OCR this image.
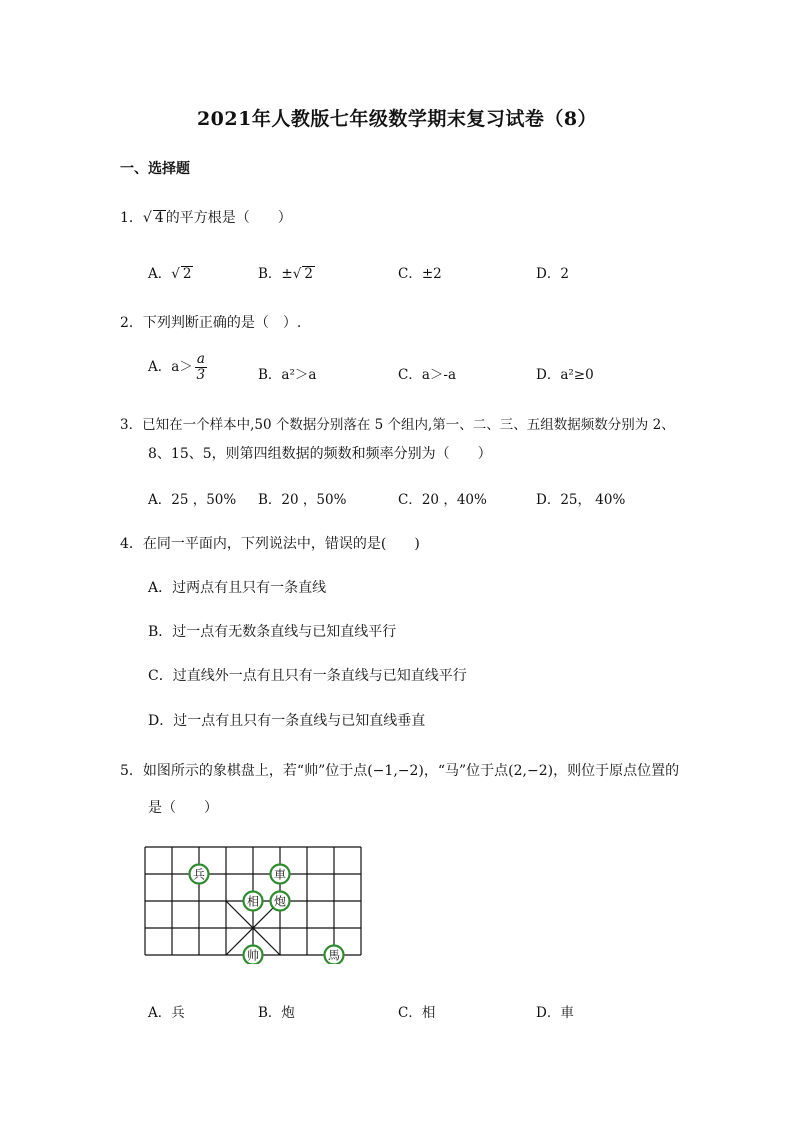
2021年人教版七年级数学期末复习试卷（8）
一、选择题
1．√ 4 的平方根是（　　）
A．√ 2	B．±√ 2	C．±2	D．2
2．下列判断正确的是（　）.
A．$a> \frac{a}{3}$	B．a²＞a	C．a＞-a	D．a²≥0
3．已知在一个样本中,50 个数据分别落在 5 个组内,第一、二、三、五组数据频数分别为 2、
8、15、5，则第四组数据的频数和频率分别为（　　）
A．25 ，50% B．20 ，50%	C．20 ，40%	D．25， 40%
4．在同一平面内，下列说法中，错误的是(　　)
A．过两点有且只有一条直线
B．过一点有无数条直线与已知直线平行
C．过直线外一点有且只有一条直线与已知直线平行
D．过一点有且只有一条直线与已知直线垂直
5．如图所示的象棋盘上，若“帅”位于点(−1,−2)，“马”位于点(2,−2)，则位于原点位置的
是（　　）
兵	車
相 炮
帅	馬
A．兵	B．炮	C．相	D．車
